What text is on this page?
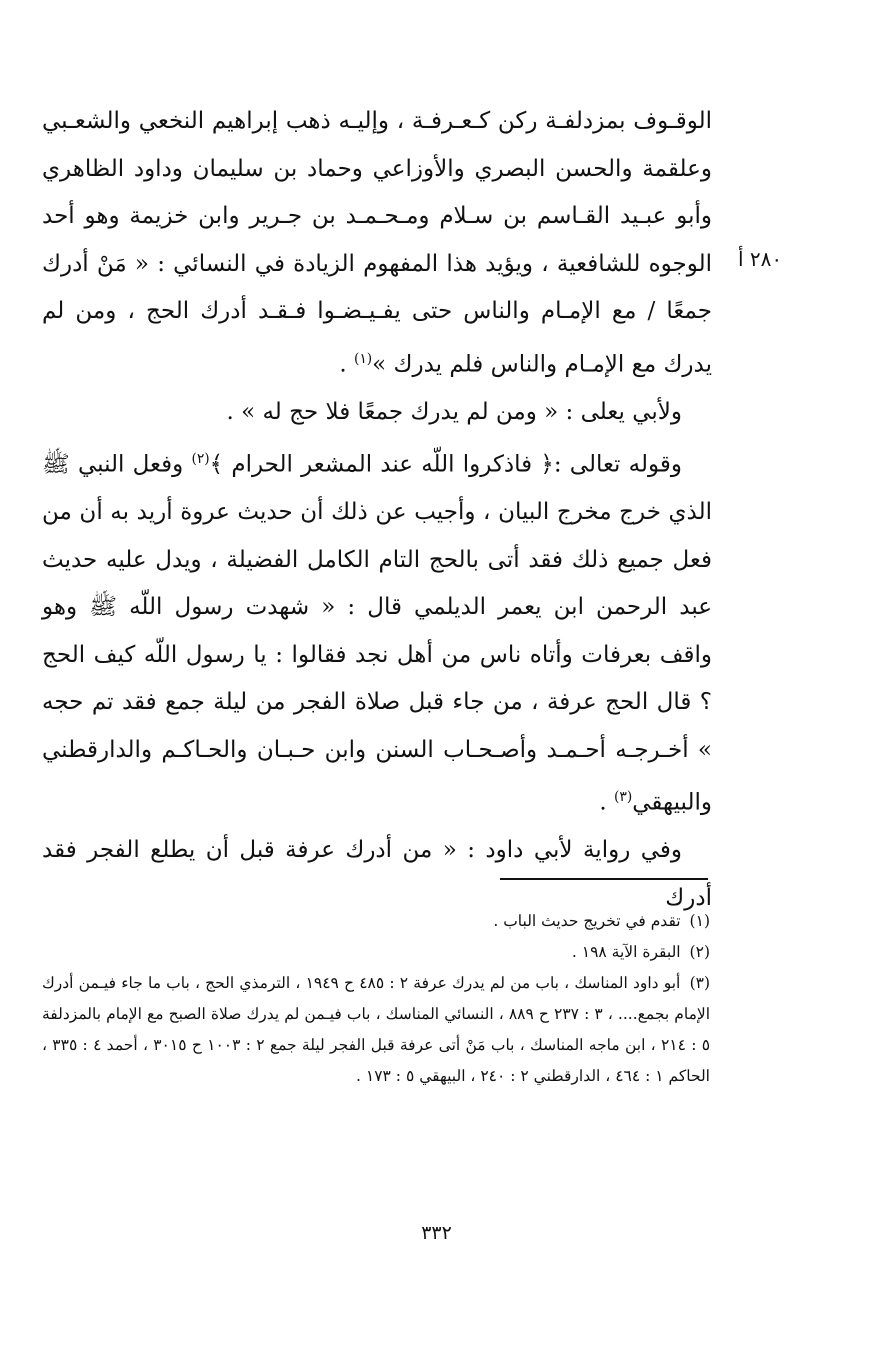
٢٨٠ أ

الوقـوف بمزدلفـة ركن كـعـرفـة ، وإليـه ذهب إبراهيم النخعي والشعـبي وعلقمة والحسن البصري والأوزاعي وحماد بن سليمان وداود الظاهري وأبو عبـيد القـاسم بن سـلام ومـحـمـد بن جـرير وابن خزيمة وهو أحد الوجوه للشافعية ، ويؤيد هذا المفهوم الزيادة في النسائي : « مَنْ أدرك جمعًا / مع الإمـام والناس حتى يفـيـضـوا فـقـد أدرك الحج ، ومن لم يدرك مع الإمـام والناس فلم يدرك »$^{(١)}$ .

ولأبي يعلى : « ومن لم يدرك جمعًا فلا حج له » .

وقوله تعالى :﴿ فاذكروا اللّه عند المشعر الحرام ﴾$^{(٢)}$ وفعل النبي ﷺ الذي خرج مخرج البيان ، وأجيب عن ذلك أن حديث عروة أريد به أن من فعل جميع ذلك فقد أتى بالحج التام الكامل الفضيلة ، ويدل عليه حديث عبد الرحمن ابن يعمر الديلمي قال : « شهدت رسول اللّه ﷺ وهو واقف بعرفات وأتاه ناس من أهل نجد فقالوا : يا رسول اللّه كيف الحج ؟ قال الحج عرفة ، من جاء قبل صلاة الفجر من ليلة جمع فقد تم حجه » أخـرجـه أحـمـد وأصـحـاب السنن وابن حـبـان والحـاكـم والدارقطني والبيهقي$^{(٣)}$ .

وفي رواية لأبي داود : « من أدرك عرفة قبل أن يطلع الفجر فقد أدرك

(١) تقدم في تخريج حديث الباب .

(٢) البقرة الآية ١٩٨ .

(٣) أبو داود المناسك ، باب من لم يدرك عرفة ٢ : ٤٨٥ ح ١٩٤٩ ، الترمذي الحج ، باب ما جاء فيـمن أدرك الإمام بجمع.... ، ٣ : ٢٣٧ ح ٨٨٩ ، النسائي المناسك ، باب فيـمن لم يدرك صلاة الصبح مع الإمام بالمزدلفة ٥ : ٢١٤ ، ابن ماجه المناسك ، باب مَنْ أتى عرفة قبل الفجر ليلة جمع ٢ : ١٠٠٣ ح ٣٠١٥ ، أحمد ٤ : ٣٣٥ ، الحاكم ١ : ٤٦٤ ، الدارقطني ٢ : ٢٤٠ ، البيهقي ٥ : ١٧٣ .

٣٣٢
